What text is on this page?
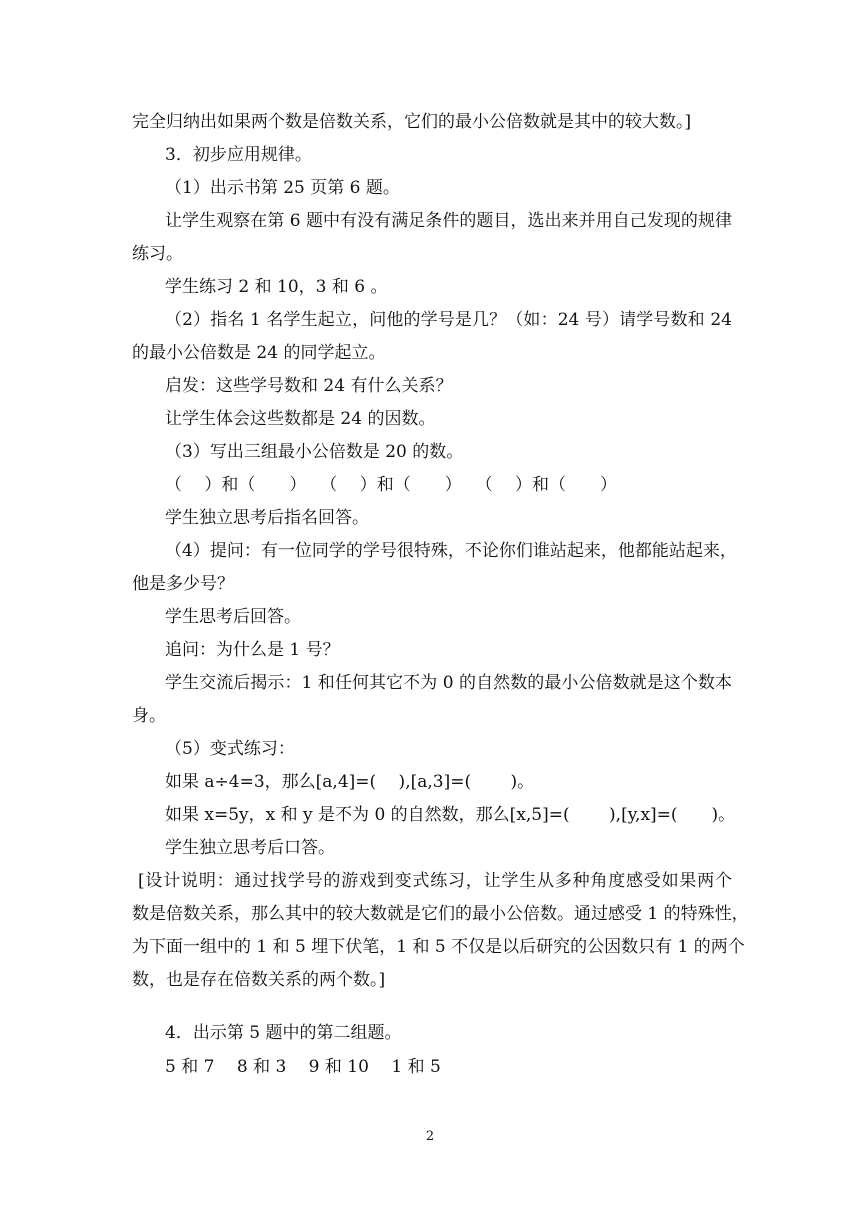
完全归纳出如果两个数是倍数关系，它们的最小公倍数就是其中的较大数。]
3．初步应用规律。
（1）出示书第 25 页第 6 题。
让学生观察在第 6 题中有没有满足条件的题目，选出来并用自己发现的规律
练习。
学生练习 2 和 10，3 和 6 。
（2）指名 1 名学生起立，问他的学号是几？（如：24 号）请学号数和 24
的最小公倍数是 24 的同学起立。
启发：这些学号数和 24 有什么关系？
让学生体会这些数都是 24 的因数。
（3）写出三组最小公倍数是 20 的数。
（　 ）和（　　）　 （　 ）和（　　）　 （　 ）和（　　）
学生独立思考后指名回答。
（4）提问：有一位同学的学号很特殊，不论你们谁站起来，他都能站起来，
他是多少号？
学生思考后回答。
追问：为什么是 1 号？
学生交流后揭示：1 和任何其它不为 0 的自然数的最小公倍数就是这个数本
身。
（5）变式练习：
如果 a÷4=3，那么[a,4]=(　 ),[a,3]=(　　 )。
如果 x=5y，x 和 y 是不为 0 的自然数，那么[x,5]=(　　 ),[y,x]=(　　)。
学生独立思考后口答。
[设计说明：通过找学号的游戏到变式练习，让学生从多种角度感受如果两个
数是倍数关系，那么其中的较大数就是它们的最小公倍数。通过感受 1 的特殊性，
为下面一组中的 1 和 5 埋下伏笔，1 和 5 不仅是以后研究的公因数只有 1 的两个
数，也是存在倍数关系的两个数。]
4．出示第 5 题中的第二组题。
5 和 7　 8 和 3　 9 和 10　 1 和 5
2
